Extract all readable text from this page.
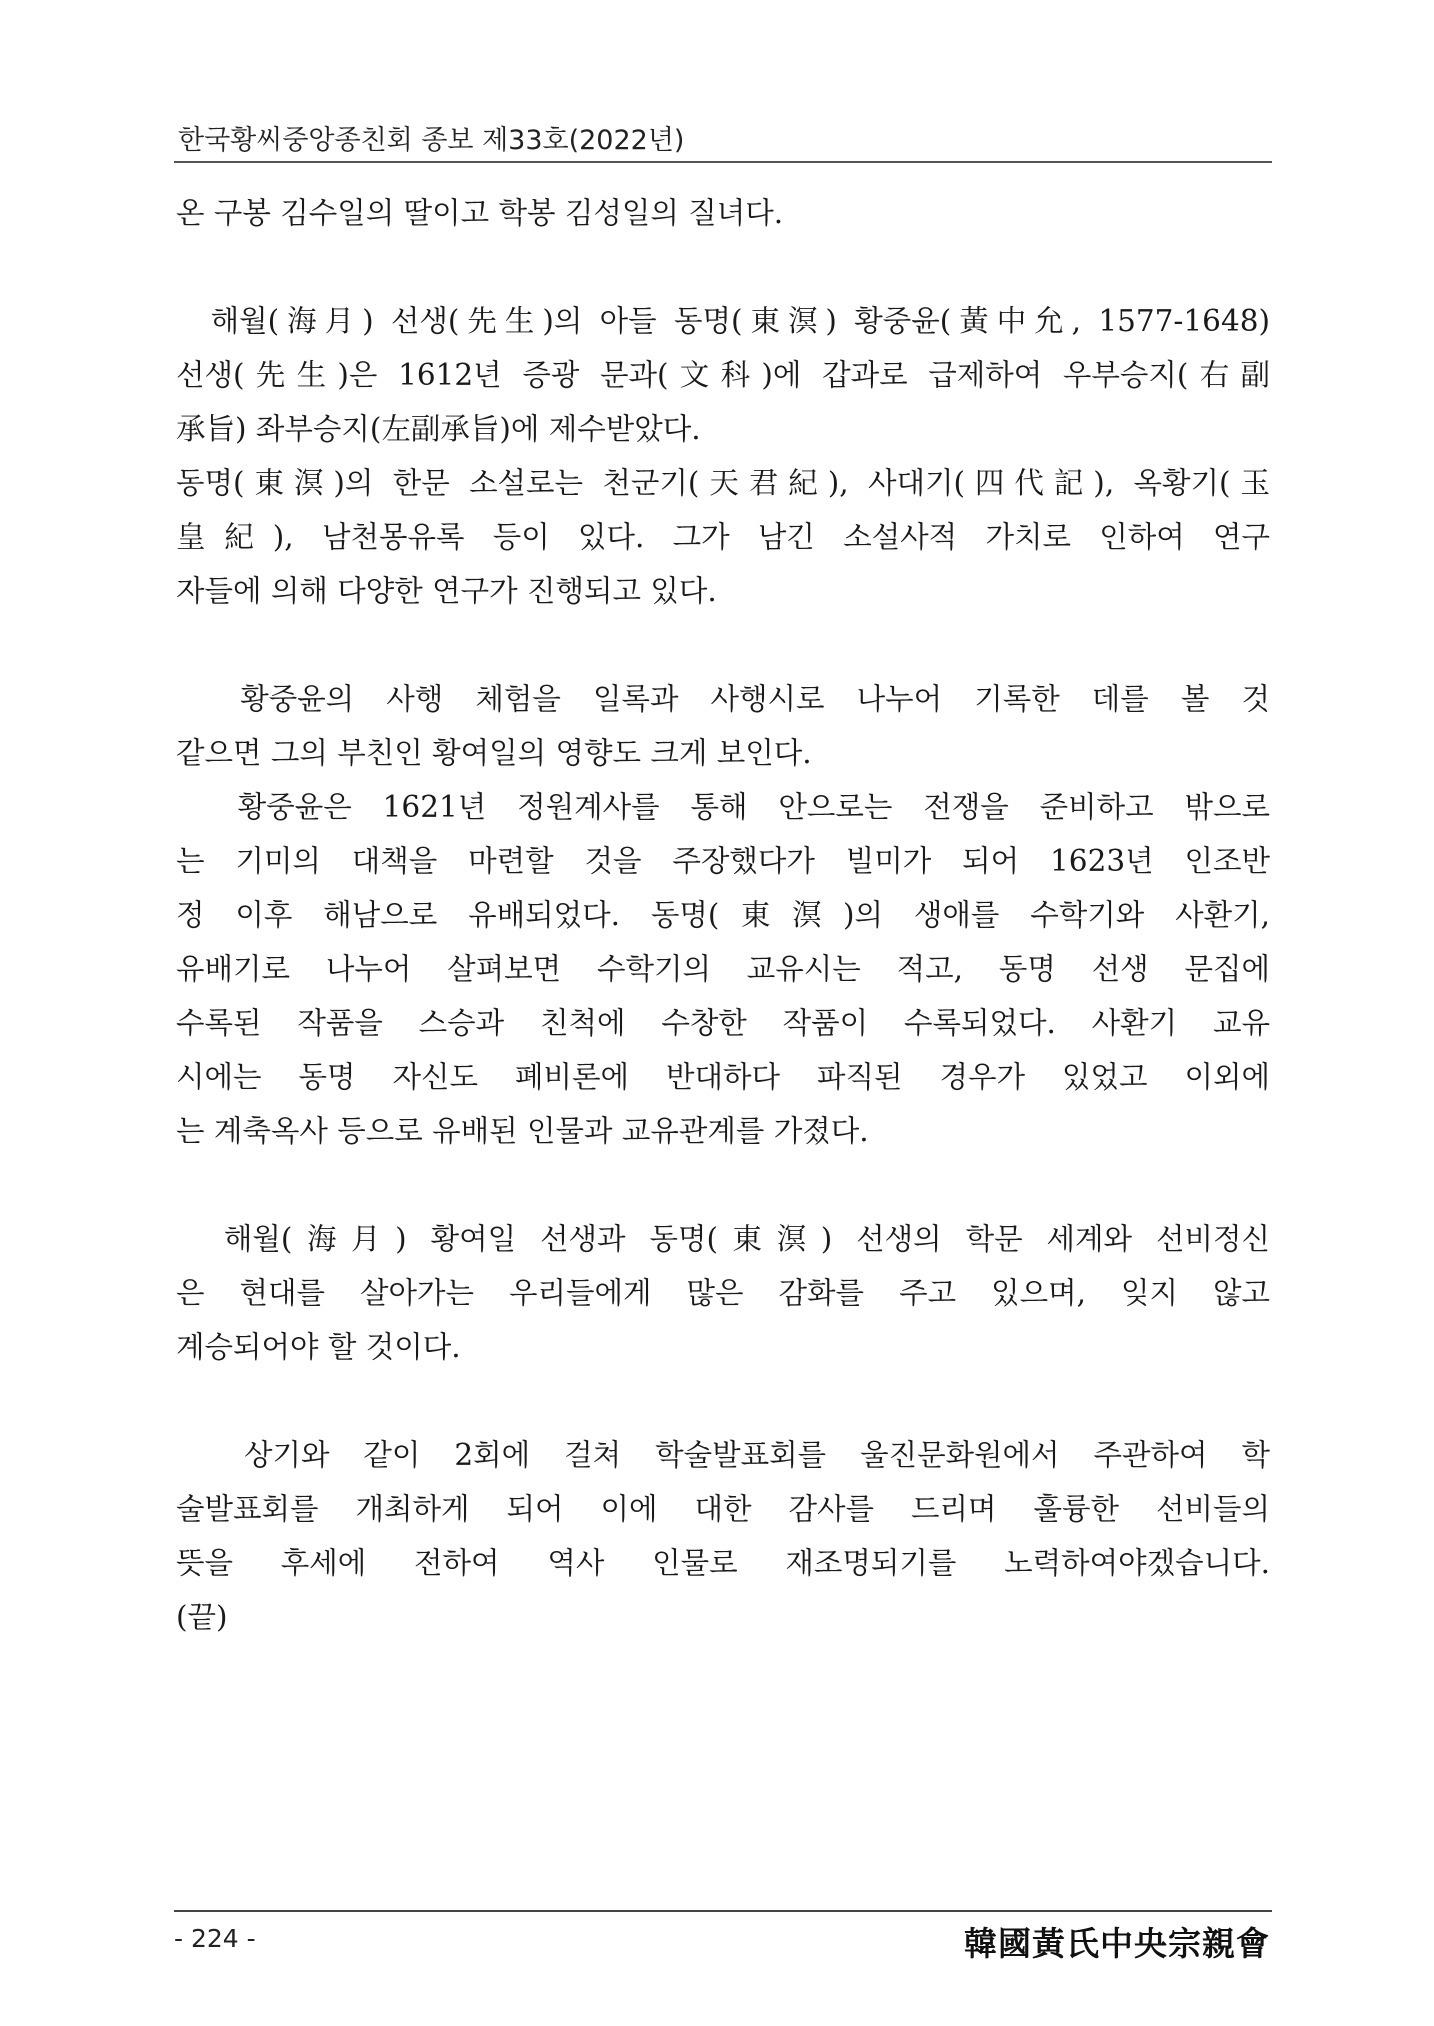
한국황씨중앙종친회 종보 제33호(2022년)
온 구봉 김수일의 딸이고 학봉 김성일의 질녀다.
해월(海月) 선생(先生)의 아들 동명(東溟) 황중윤(黃中允, 1577-1648)
선생(先生)은 1612년 증광 문과(文科)에 갑과로 급제하여 우부승지(右副
承旨) 좌부승지(左副承旨)에 제수받았다.
동명(東溟)의 한문 소설로는 천군기(天君紀), 사대기(四代記), 옥황기(玉
皇紀), 남천몽유록 등이 있다. 그가 남긴 소설사적 가치로 인하여 연구
자들에 의해 다양한 연구가 진행되고 있다.
황중윤의 사행 체험을 일록과 사행시로 나누어 기록한 데를 볼 것
같으면 그의 부친인 황여일의 영향도 크게 보인다.
황중윤은 1621년 정원계사를 통해 안으로는 전쟁을 준비하고 밖으로
는 기미의 대책을 마련할 것을 주장했다가 빌미가 되어 1623년 인조반
정 이후 해남으로 유배되었다. 동명(東溟)의 생애를 수학기와 사환기,
유배기로 나누어 살펴보면 수학기의 교유시는 적고, 동명 선생 문집에
수록된 작품을 스승과 친척에 수창한 작품이 수록되었다. 사환기 교유
시에는 동명 자신도 폐비론에 반대하다 파직된 경우가 있었고 이외에
는 계축옥사 등으로 유배된 인물과 교유관계를 가졌다.
해월(海月) 황여일 선생과 동명(東溟) 선생의 학문 세계와 선비정신
은 현대를 살아가는 우리들에게 많은 감화를 주고 있으며, 잊지 않고
계승되어야 할 것이다.
상기와 같이 2회에 걸쳐 학술발표회를 울진문화원에서 주관하여 학
술발표회를 개최하게 되어 이에 대한 감사를 드리며 훌륭한 선비들의
뜻을 후세에 전하여 역사 인물로 재조명되기를 노력하여야겠습니다.
(끝)
- 224 -	韓國黃氏中央宗親會
